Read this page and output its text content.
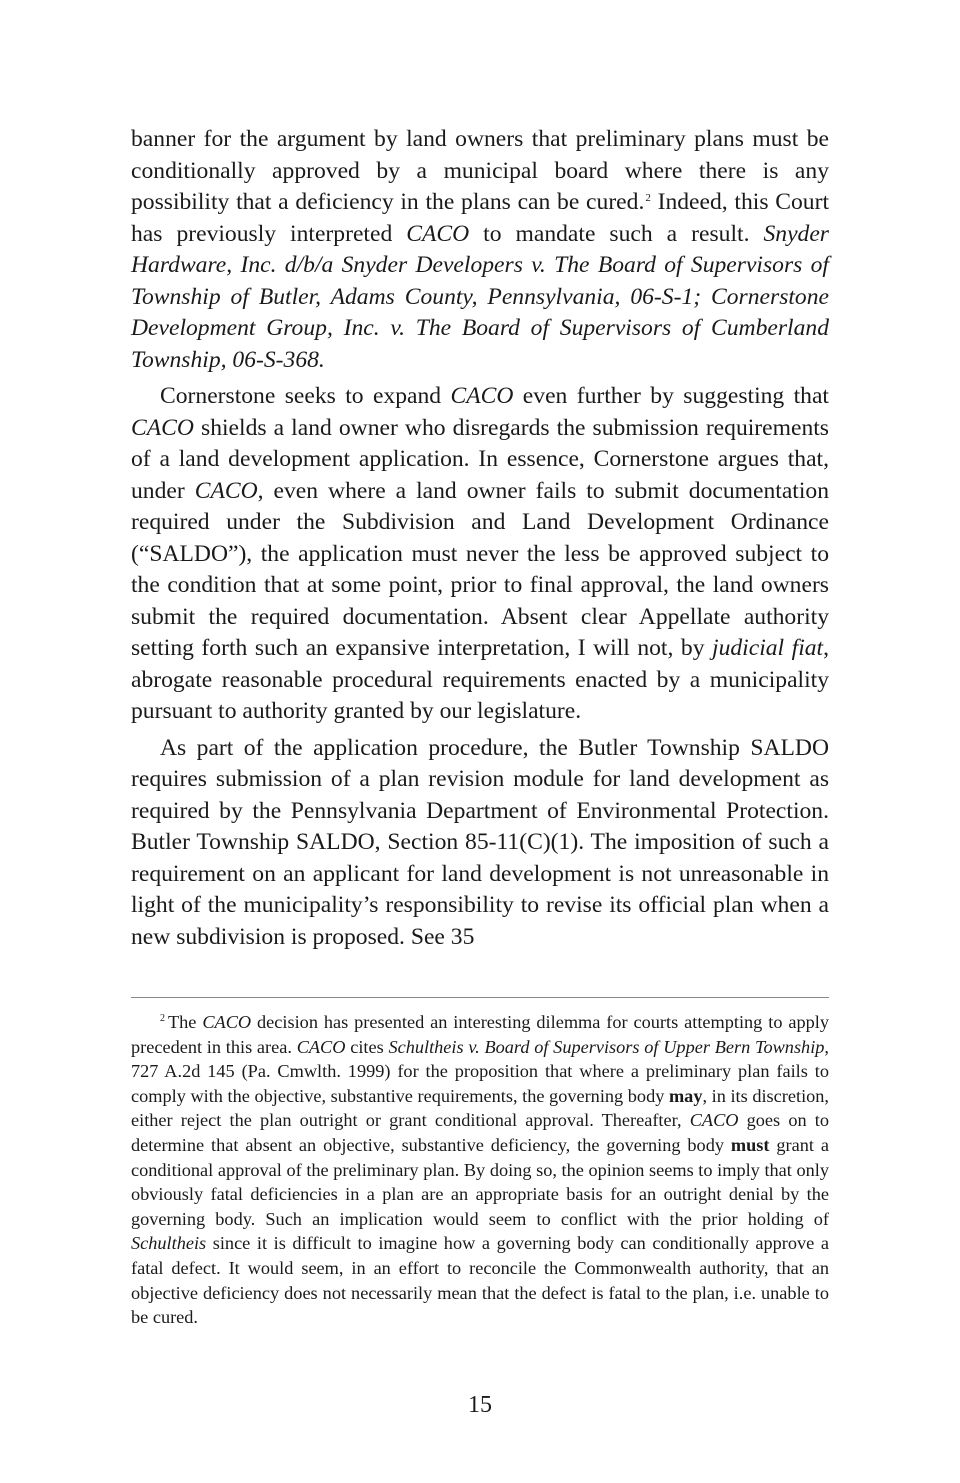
banner for the argument by land owners that preliminary plans must be conditionally approved by a municipal board where there is any possibility that a deficiency in the plans can be cured.$^2$ Indeed, this Court has previously interpreted CACO to mandate such a result. Snyder Hardware, Inc. d/b/a Snyder Developers v. The Board of Supervisors of Township of Butler, Adams County, Pennsylvania, 06-S-1; Cornerstone Development Group, Inc. v. The Board of Supervisors of Cumberland Township, 06-S-368.

Cornerstone seeks to expand CACO even further by suggesting that CACO shields a land owner who disregards the submission requirements of a land development application. In essence, Cornerstone argues that, under CACO, even where a land owner fails to submit documentation required under the Subdivision and Land Development Ordinance (“SALDO”), the application must never the less be approved subject to the condition that at some point, prior to final approval, the land owners submit the required documentation. Absent clear Appellate authority setting forth such an expansive interpretation, I will not, by judicial fiat, abrogate reasonable procedural requirements enacted by a municipality pursuant to authority granted by our legislature.

As part of the application procedure, the Butler Township SALDO requires submission of a plan revision module for land development as required by the Pennsylvania Department of Environmental Protection. Butler Township SALDO, Section 85-11(C)(1). The imposition of such a requirement on an applicant for land development is not unreasonable in light of the municipality’s responsibility to revise its official plan when a new subdivision is proposed. See 35

$^2$ The CACO decision has presented an interesting dilemma for courts attempting to apply precedent in this area. CACO cites Schultheis v. Board of Supervisors of Upper Bern Township, 727 A.2d 145 (Pa. Cmwlth. 1999) for the proposition that where a preliminary plan fails to comply with the objective, substantive requirements, the governing body may, in its discretion, either reject the plan outright or grant conditional approval. Thereafter, CACO goes on to determine that absent an objective, substantive deficiency, the governing body must grant a conditional approval of the preliminary plan. By doing so, the opinion seems to imply that only obviously fatal deficiencies in a plan are an appropriate basis for an outright denial by the governing body. Such an implication would seem to conflict with the prior holding of Schultheis since it is difficult to imagine how a governing body can conditionally approve a fatal defect. It would seem, in an effort to reconcile the Commonwealth authority, that an objective deficiency does not necessarily mean that the defect is fatal to the plan, i.e. unable to be cured.

15
